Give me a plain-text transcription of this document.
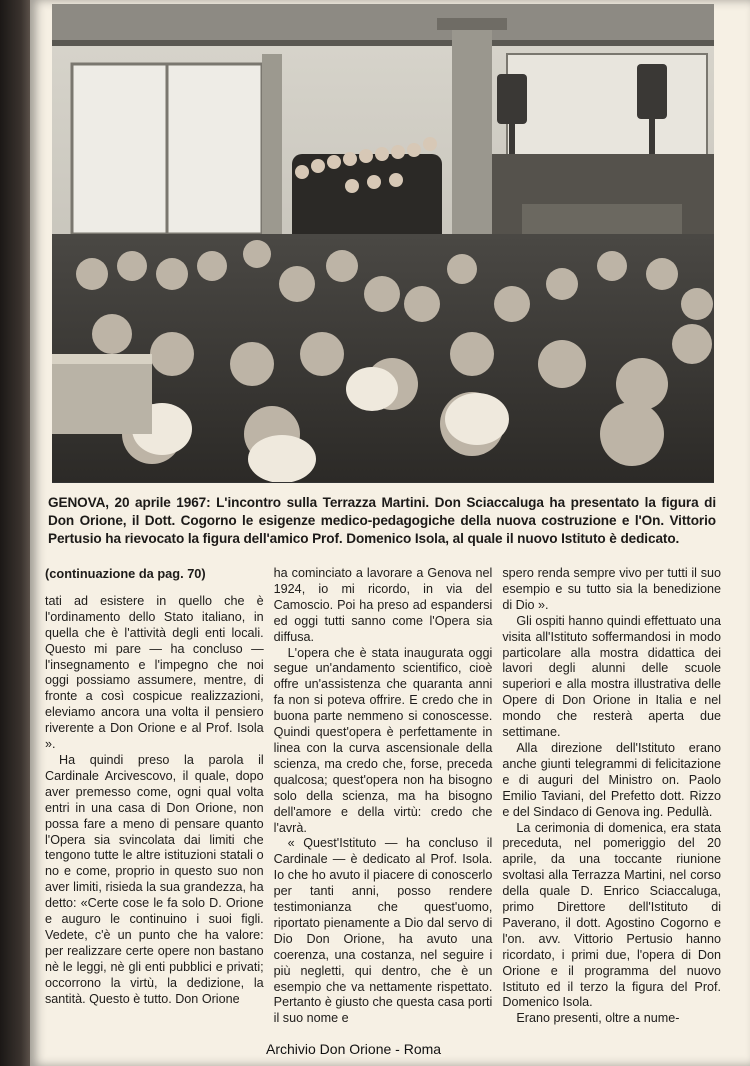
GENOVA, 20 aprile 1967: L'incontro sulla Terrazza Martini. Don Sciaccaluga ha presentato la figura di Don Orione, il Dott. Cogorno le esigenze medico-pedagogiche della nuova costruzione e l'On. Vittorio Pertusio ha rievocato la figura dell'amico Prof. Domenico Isola, al quale il nuovo Istituto è dedicato.

(continuazione da pag. 70)

tati ad esistere in quello che è l'ordinamento dello Stato italiano, in quella che è l'attività degli enti locali. Questo mi pare — ha concluso — l'insegnamento e l'impegno che noi oggi possiamo assumere, mentre, di fronte a così cospicue realizzazioni, eleviamo ancora una volta il pensiero riverente a Don Orione e al Prof. Isola ».

Ha quindi preso la parola il Cardinale Arcivescovo, il quale, dopo aver premesso come, ogni qual volta entri in una casa di Don Orione, non possa fare a meno di pensare quanto l'Opera sia svincolata dai limiti che tengono tutte le altre istituzioni statali o no e come, proprio in questo suo non aver limiti, risieda la sua grandezza, ha detto: «Certe cose le fa solo D. Orione e auguro le continuino i suoi figli. Vedete, c'è un punto che ha valore: per realizzare certe opere non bastano nè le leggi, nè gli enti pubblici e privati; occorrono la virtù, la dedizione, la santità. Questo è tutto. Don Orione

ha cominciato a lavorare a Genova nel 1924, io mi ricordo, in via del Camoscio. Poi ha preso ad espandersi ed oggi tutti sanno come l'Opera sia diffusa.

L'opera che è stata inaugurata oggi segue un'andamento scientifico, cioè offre un'assistenza che quaranta anni fa non si poteva offrire. E credo che in buona parte nemmeno si conoscesse. Quindi quest'opera è perfettamente in linea con la curva ascensionale della scienza, ma credo che, forse, preceda qualcosa; quest'opera non ha bisogno solo della scienza, ma ha bisogno dell'amore e della virtù: credo che l'avrà.

« Quest'Istituto — ha concluso il Cardinale — è dedicato al Prof. Isola. Io che ho avuto il piacere di conoscerlo per tanti anni, posso rendere testimonianza che quest'uomo, riportato pienamente a Dio dal servo di Dio Don Orione, ha avuto una coerenza, una costanza, nel seguire i più negletti, qui dentro, che è un esempio che va nettamente rispettato. Pertanto è giusto che questa casa porti il suo nome e

spero renda sempre vivo per tutti il suo esempio e su tutto sia la benedizione di Dio ».

Gli ospiti hanno quindi effettuato una visita all'Istituto soffermandosi in modo particolare alla mostra didattica dei lavori degli alunni delle scuole superiori e alla mostra illustrativa delle Opere di Don Orione in Italia e nel mondo che resterà aperta due settimane.

Alla direzione dell'Istituto erano anche giunti telegrammi di felicitazione e di auguri del Ministro on. Paolo Emilio Taviani, del Prefetto dott. Rizzo e del Sindaco di Genova ing. Pedullà.

La cerimonia di domenica, era stata preceduta, nel pomeriggio del 20 aprile, da una toccante riunione svoltasi alla Terrazza Martini, nel corso della quale D. Enrico Sciaccaluga, primo Direttore dell'Istituto di Paverano, il dott. Agostino Cogorno e l'on. avv. Vittorio Pertusio hanno ricordato, i primi due, l'opera di Don Orione e il programma del nuovo Istituto ed il terzo la figura del Prof. Domenico Isola.

Erano presenti, oltre a nume-

Archivio Don Orione - Roma
